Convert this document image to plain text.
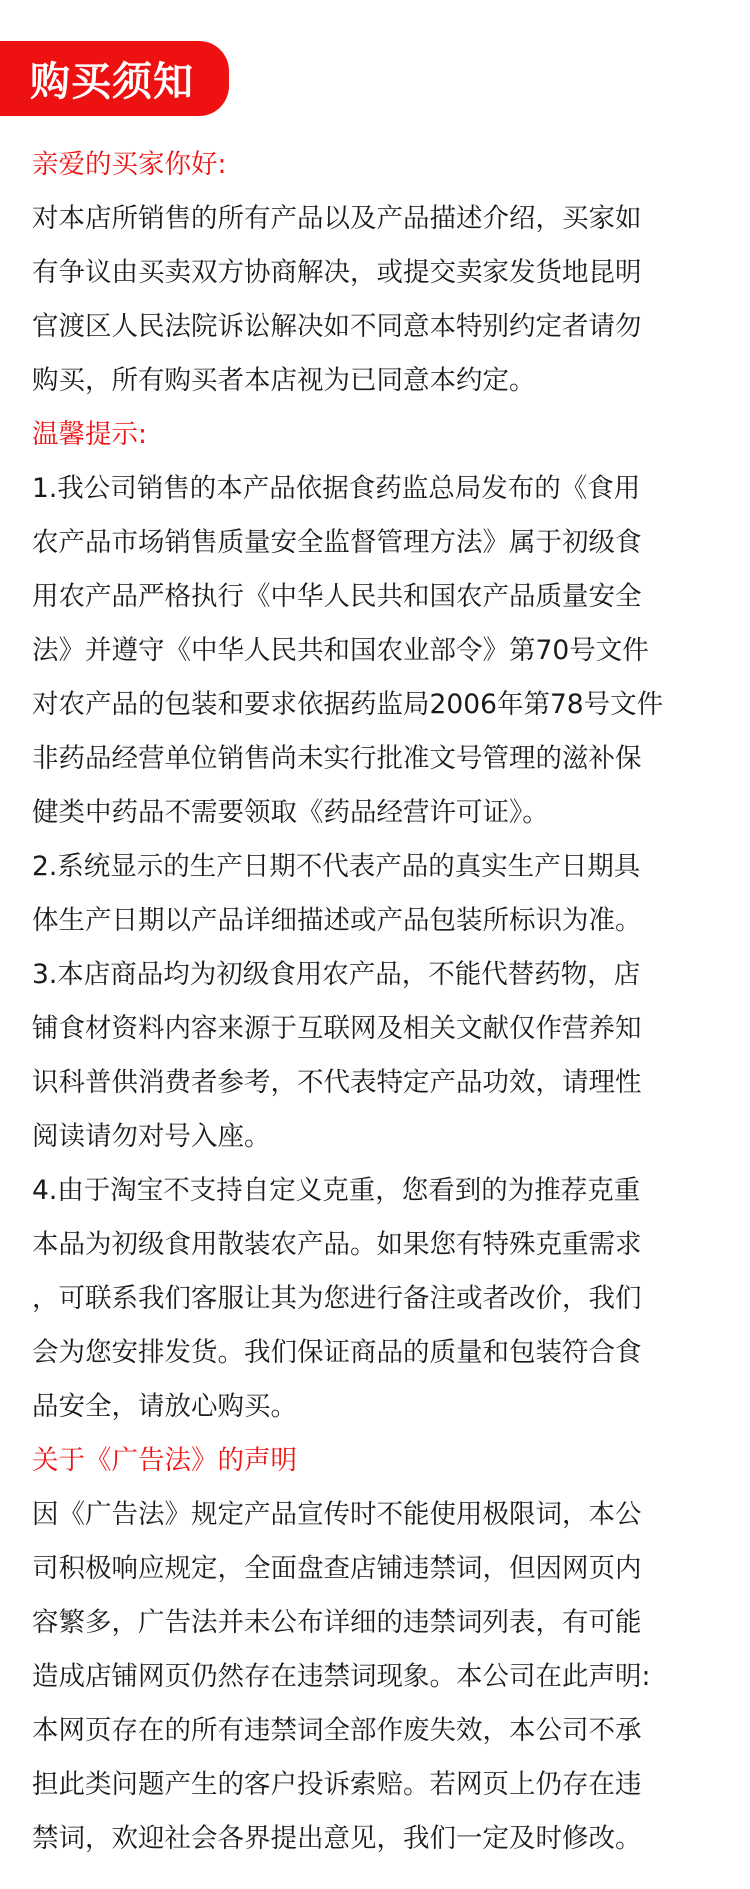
购买须知
亲爱的买家你好:
对本店所销售的所有产品以及产品描述介绍，买家如
有争议由买卖双方协商解决，或提交卖家发货地昆明
官渡区人民法院诉讼解决如不同意本特别约定者请勿
购买，所有购买者本店视为已同意本约定。
温馨提示:
1.我公司销售的本产品依据食药监总局发布的《食用
农产品市场销售质量安全监督管理方法》属于初级食
用农产品严格执行《中华人民共和国农产品质量安全
法》并遵守《中华人民共和国农业部令》第70号文件
对农产品的包装和要求依据药监局2006年第78号文件
非药品经营单位销售尚未实行批准文号管理的滋补保
健类中药品不需要领取《药品经营许可证》。
2.系统显示的生产日期不代表产品的真实生产日期具
体生产日期以产品详细描述或产品包装所标识为准。
3.本店商品均为初级食用农产品，不能代替药物，店
铺食材资料内容来源于互联网及相关文献仅作营养知
识科普供消费者参考，不代表特定产品功效，请理性
阅读请勿对号入座。
4.由于淘宝不支持自定义克重，您看到的为推荐克重
本品为初级食用散装农产品。如果您有特殊克重需求
，可联系我们客服让其为您进行备注或者改价，我们
会为您安排发货。我们保证商品的质量和包装符合食
品安全，请放心购买。
关于《广告法》的声明
因《广告法》规定产品宣传时不能使用极限词，本公
司积极响应规定，全面盘查店铺违禁词，但因网页内
容繁多，广告法并未公布详细的违禁词列表，有可能
造成店铺网页仍然存在违禁词现象。本公司在此声明:
本网页存在的所有违禁词全部作废失效，本公司不承
担此类问题产生的客户投诉索赔。若网页上仍存在违
禁词，欢迎社会各界提出意见，我们一定及时修改。
